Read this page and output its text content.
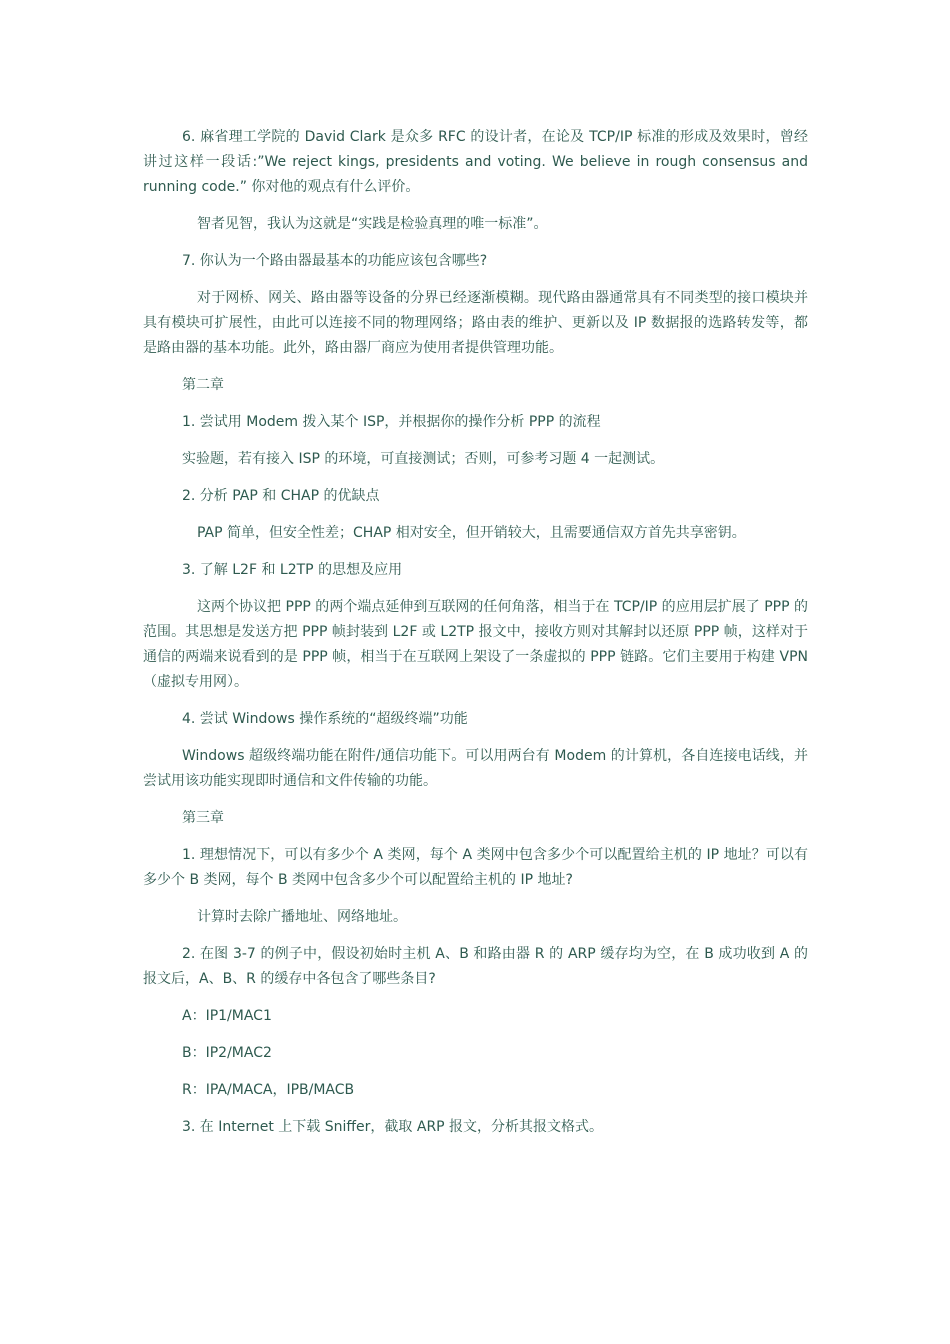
6. 麻省理工学院的 David Clark 是众多 RFC 的设计者，在论及 TCP/IP 标准的形成及效果时，曾经讲过这样一段话:”We reject kings, presidents and voting. We believe in rough consensus and running code.” 你对他的观点有什么评价。

智者见智，我认为这就是“实践是检验真理的唯一标准”。

7. 你认为一个路由器最基本的功能应该包含哪些?

对于网桥、网关、路由器等设备的分界已经逐渐模糊。现代路由器通常具有不同类型的接口模块并具有模块可扩展性，由此可以连接不同的物理网络；路由表的维护、更新以及 IP 数据报的选路转发等，都是路由器的基本功能。此外，路由器厂商应为使用者提供管理功能。

第二章

1. 尝试用 Modem 拨入某个 ISP，并根据你的操作分析 PPP 的流程

实验题，若有接入 ISP 的环境，可直接测试；否则，可参考习题 4 一起测试。

2. 分析 PAP 和 CHAP 的优缺点

PAP 简单，但安全性差；CHAP 相对安全，但开销较大，且需要通信双方首先共享密钥。

3. 了解 L2F 和 L2TP 的思想及应用

这两个协议把 PPP 的两个端点延伸到互联网的任何角落，相当于在 TCP/IP 的应用层扩展了 PPP 的范围。其思想是发送方把 PPP 帧封装到 L2F 或 L2TP 报文中，接收方则对其解封以还原 PPP 帧，这样对于通信的两端来说看到的是 PPP 帧，相当于在互联网上架设了一条虚拟的 PPP 链路。它们主要用于构建 VPN（虚拟专用网）。

4. 尝试 Windows 操作系统的“超级终端”功能

Windows 超级终端功能在附件/通信功能下。可以用两台有 Modem 的计算机，各自连接电话线，并尝试用该功能实现即时通信和文件传输的功能。

第三章

1. 理想情况下，可以有多少个 A 类网，每个 A 类网中包含多少个可以配置给主机的 IP 地址？可以有多少个 B 类网，每个 B 类网中包含多少个可以配置给主机的 IP 地址?

计算时去除广播地址、网络地址。

2. 在图 3-7 的例子中，假设初始时主机 A、B 和路由器 R 的 ARP 缓存均为空，在 B 成功收到 A 的报文后，A、B、R 的缓存中各包含了哪些条目?

A：IP1/MAC1

B：IP2/MAC2

R：IPA/MACA，IPB/MACB

3. 在 Internet 上下载 Sniffer，截取 ARP 报文，分析其报文格式。
